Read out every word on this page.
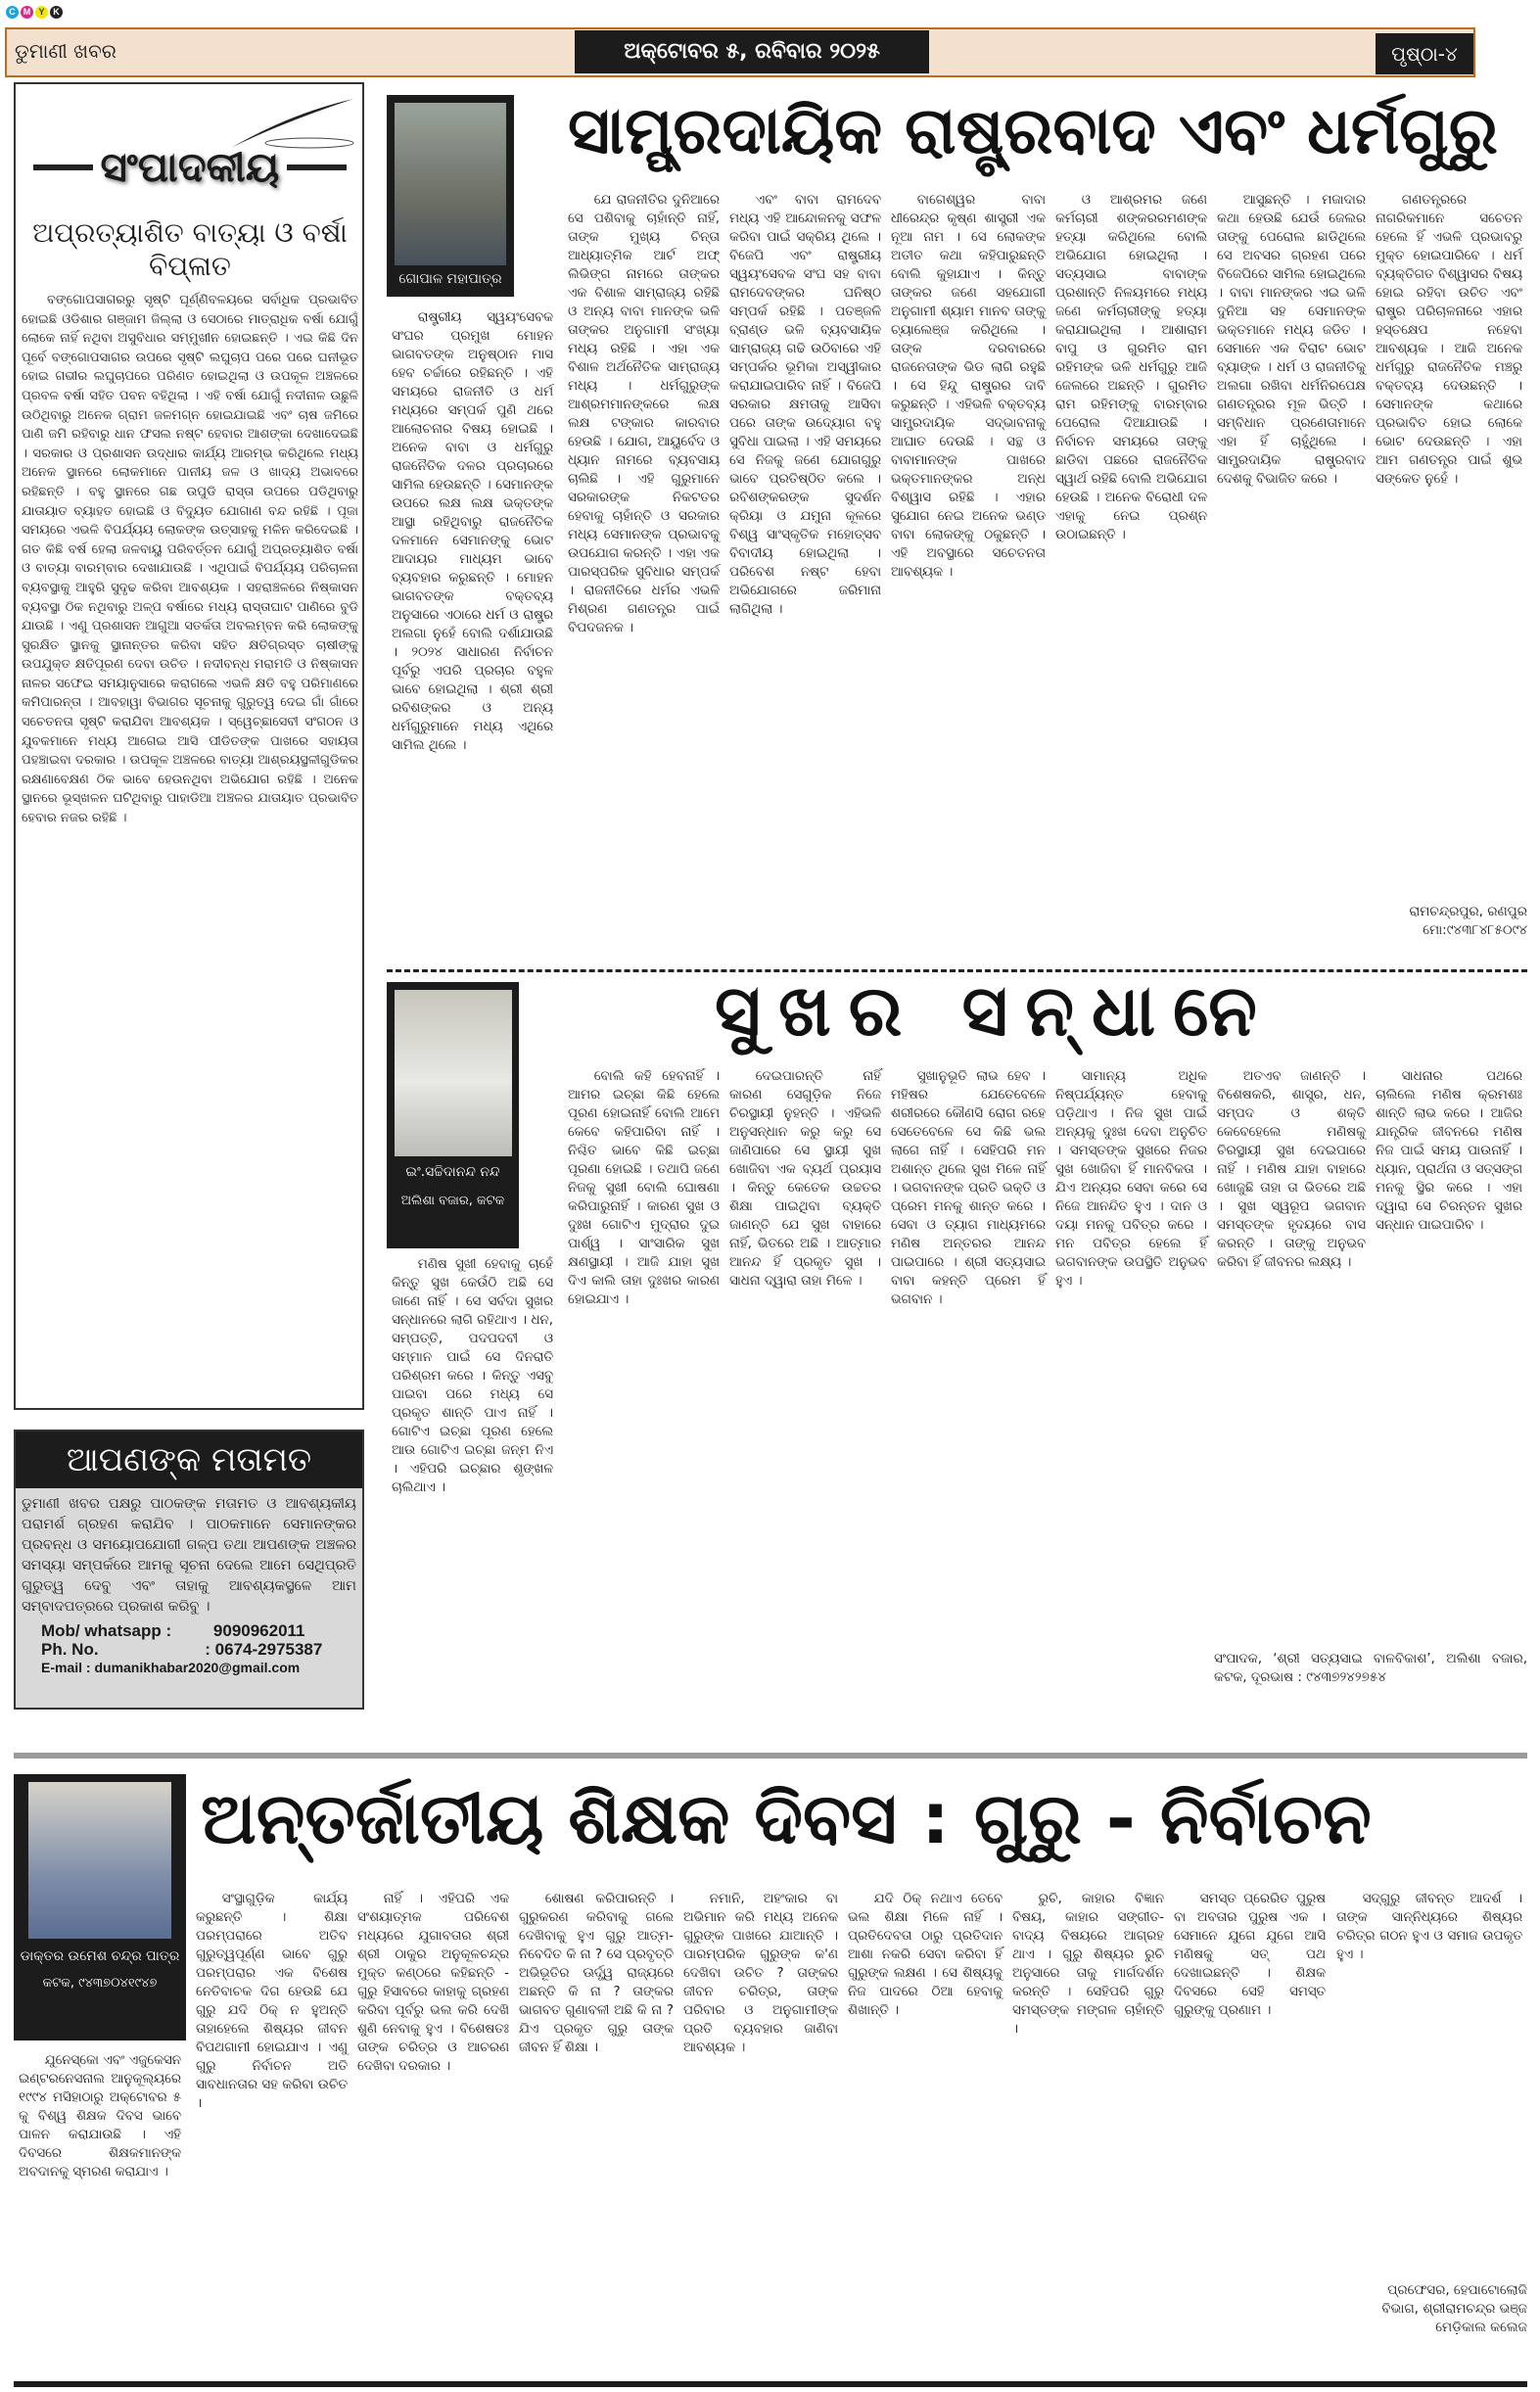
C M Y K
ଡୁମାଣୀ ଖବର	ଅକ୍ଟୋବର ୫, ରବିବାର ୨୦୨୫	ପୃଷ୍ଠା-୪
ସଂପାଦକୀୟ
ଅପ୍ରତ୍ୟାଶିତ ବାତ୍ୟା ଓ ବର୍ଷା ବିପ୍ଳାତ

ବଙ୍ଗୋପସାଗରରୁ ସୃଷ୍ଟି ଘୂର୍ଣ୍ଣିବଳୟରେ ସର୍ବାଧିକ ପ୍ରଭାବିତ ହୋଇଛି ଓଡିଶାର ଗଞ୍ଜାମ ଜିଲ୍ଲା ଓ ସେଠାରେ ମାତ୍ରାଧିକ ବର୍ଷା ଯୋଗୁଁ ଲୋକେ ନାହିଁ ନଥିବା ଅସୁବିଧାର ସମ୍ମୁଖୀନ ହୋଇଛନ୍ତି । ଏଇ କିଛି ଦିନ ପୂର୍ବେ ବଙ୍ଗୋପସାଗର ଉପରେ ସୃଷ୍ଟି ଲଘୁଚାପ ପରେ ପରେ ଘନୀଭୂତ ହୋଇ ଗଭୀର ଲଘୁଚାପରେ ପରିଣତ ହୋଇଥିଲା ଓ ଉପକୂଳ ଅଞ୍ଚଳରେ ପ୍ରବଳ ବର୍ଷା ସହିତ ପବନ ବହିଥିଲା । ଏହି ବର୍ଷା ଯୋଗୁଁ ନଦୀନାଳ ଉଛୁଳି ଉଠିଥିବାରୁ ଅନେକ ଗ୍ରାମ ଜଳମଗ୍ନ ହୋଇଯାଇଛି ଏବଂ ଚାଷ ଜମିରେ ପାଣି ଜମି ରହିବାରୁ ଧାନ ଫସଲ ନଷ୍ଟ ହେବାର ଆଶଙ୍କା ଦେଖାଦେଇଛି । ସରକାର ଓ ପ୍ରଶାସନ ଉଦ୍ଧାର କାର୍ଯ୍ୟ ଆରମ୍ଭ କରିଥିଲେ ମଧ୍ୟ ଅନେକ ସ୍ଥାନରେ ଲୋକମାନେ ପାନୀୟ ଜଳ ଓ ଖାଦ୍ୟ ଅଭାବରେ ରହିଛନ୍ତି । ବହୁ ସ୍ଥାନରେ ଗଛ ଉପୁଡି ରାସ୍ତା ଉପରେ ପଡିଥିବାରୁ ଯାତାୟାତ ବ୍ୟାହତ ହୋଇଛି ଓ ବିଦ୍ୟୁତ ଯୋଗାଣ ବନ୍ଦ ରହିଛି । ପୂଜା ସମୟରେ ଏଭଳି ବିପର୍ଯ୍ୟୟ ଲୋକଙ୍କ ଉତ୍ସାହକୁ ମଳିନ କରିଦେଇଛି । ଗତ କିଛି ବର୍ଷ ହେଲା ଜଳବାୟୁ ପରିବର୍ତ୍ତନ ଯୋଗୁଁ ଅପ୍ରତ୍ୟାଶିତ ବର୍ଷା ଓ ବାତ୍ୟା ବାରମ୍ବାର ଦେଖାଯାଉଛି । ଏଥିପାଇଁ ବିପର୍ଯ୍ୟୟ ପରିଚାଳନା ବ୍ୟବସ୍ଥାକୁ ଆହୁରି ସୁଦୃଢ କରିବା ଆବଶ୍ୟକ । ସହରାଞ୍ଚଳରେ ନିଷ୍କାସନ ବ୍ୟବସ୍ଥା ଠିକ ନଥିବାରୁ ଅଳ୍ପ ବର୍ଷାରେ ମଧ୍ୟ ରାସ୍ତାଘାଟ ପାଣିରେ ବୁଡି ଯାଉଛି । ଏଣୁ ପ୍ରଶାସନ ଆଗୁଆ ସତର୍କତା ଅବଲମ୍ବନ କରି ଲୋକଙ୍କୁ ସୁରକ୍ଷିତ ସ୍ଥାନକୁ ସ୍ଥାନାନ୍ତର କରିବା ସହିତ କ୍ଷତିଗ୍ରସ୍ତ ଚାଷୀଙ୍କୁ ଉପଯୁକ୍ତ କ୍ଷତିପୂରଣ ଦେବା ଉଚିତ । ନଦୀବନ୍ଧ ମରାମତି ଓ ନିଷ୍କାସନ ନାଳର ସଫେଇ ସମୟାନୁସାରେ କରାଗଲେ ଏଭଳି କ୍ଷତି ବହୁ ପରିମାଣରେ କମିପାରନ୍ତା । ଆବହାୱା ବିଭାଗର ସୂଚନାକୁ ଗୁରୁତ୍ୱ ଦେଇ ଗାଁ ଗାଁରେ ସଚେତନତା ସୃଷ୍ଟି କରାଯିବା ଆବଶ୍ୟକ । ସ୍ୱେଚ୍ଛାସେବୀ ସଂଗଠନ ଓ ଯୁବକମାନେ ମଧ୍ୟ ଆଗେଇ ଆସି ପୀଡିତଙ୍କ ପାଖରେ ସହାୟତା ପହଞ୍ଚାଇବା ଦରକାର । ଉପକୂଳ ଅଞ୍ଚଳରେ ବାତ୍ୟା ଆଶ୍ରୟସ୍ଥଳୀଗୁଡିକର ରକ୍ଷଣାବେକ୍ଷଣ ଠିକ ଭାବେ ହେଉନଥିବା ଅଭିଯୋଗ ରହିଛି । ଅନେକ ସ୍ଥାନରେ ଭୂସ୍ଖଳନ ଘଟିଥିବାରୁ ପାହାଡିଆ ଅଞ୍ଚଳର ଯାତାୟାତ ପ୍ରଭାବିତ ହେବାର ନଜର ରହିଛି ।

ଆପଣଙ୍କ ମତାମତ
ଡୁମାଣୀ ଖବର ପକ୍ଷରୁ ପାଠକଙ୍କ ମତାମତ ଓ ଆବଶ୍ୟକୀୟ ପରାମର୍ଶ ଗ୍ରହଣ କରାଯିବ । ପାଠକମାନେ ସେମାନଙ୍କର ପ୍ରବନ୍ଧ ଓ ସମୟୋପଯୋଗୀ ଗଳ୍ପ ତଥା ଆପଣଙ୍କ ଅଞ୍ଚଳର ସମସ୍ୟା ସମ୍ପର୍କରେ ଆମକୁ ସୂଚନା ଦେଲେ ଆମେ ସେଥିପ୍ରତି ଗୁରୁତ୍ୱ ଦେବୁ ଏବଂ ତାହାକୁ ଆବଶ୍ୟକସ୍ଥଳେ ଆମ ସମ୍ବାଦପତ୍ରରେ ପ୍ରକାଶ କରିବୁ ।
Mob/ whatsapp :	9090962011
Ph. No.	: 0674-2975387
E-mail : dumanikhabar2020@gmail.com
ଗୋପାଳ ମହାପାତ୍ର
ସାମ୍ପ୍ରଦାୟିକ ରାଷ୍ଟ୍ରବାଦ ଏବଂ ଧର୍ମଗୁରୁ

ରାଷ୍ଟ୍ରୀୟ ସ୍ୱୟଂସେବକ ସଂଘର ପ୍ରମୁଖ ମୋହନ ଭାଗବତଙ୍କ ଅନୁଷ୍ଠାନ ମାସ ହେବ ଚର୍ଚ୍ଚାରେ ରହିଛନ୍ତି । ଏହି ସମୟରେ ରାଜନୀତି ଓ ଧର୍ମ ମଧ୍ୟରେ ସମ୍ପର୍କ ପୁଣି ଥରେ ଆଲୋଚନାର ବିଷୟ ହୋଇଛି । ଅନେକ ବାବା ଓ ଧର୍ମଗୁରୁ ରାଜନୈତିକ ଦଳର ପ୍ରଚାରରେ ସାମିଲ ହେଉଛନ୍ତି । ସେମାନଙ୍କ ଉପରେ ଲକ୍ଷ ଲକ୍ଷ ଭକ୍ତଙ୍କ ଆସ୍ଥା ରହିଥିବାରୁ ରାଜନୈତିକ ଦଳମାନେ ସେମାନଙ୍କୁ ଭୋଟ ଆଦାୟର ମାଧ୍ୟମ ଭାବେ ବ୍ୟବହାର କରୁଛନ୍ତି । ମୋହନ ଭାଗବତଙ୍କ ବକ୍ତବ୍ୟ ଅନୁସାରେ ଏଠାରେ ଧର୍ମ ଓ ରାଷ୍ଟ୍ର ଅଲଗା ନୁହେଁ ବୋଲି ଦର୍ଶାଯାଉଛି । ୨୦୨୪ ସାଧାରଣ ନିର୍ବାଚନ ପୂର୍ବରୁ ଏପରି ପ୍ରଚାର ବହୁଳ ଭାବେ ହୋଇଥିଲା । ଶ୍ରୀ ଶ୍ରୀ ରବିଶଙ୍କର ଓ ଅନ୍ୟ ଧର୍ମଗୁରୁମାନେ ମଧ୍ୟ ଏଥିରେ ସାମିଲ ଥିଲେ ।

ଯେ ରାଜନୀତିର ଦୁନିଆରେ ସେ ପଶିବାକୁ ଚାହାଁନ୍ତି ନାହିଁ, ତାଙ୍କ ମୁଖ୍ୟ ଚିନ୍ତା ଆଧ୍ୟାତ୍ମିକ ଆର୍ଟ ଅଫ୍ ଲିଭିଙ୍ଗ ନାମରେ ତାଙ୍କର ଏକ ବିଶାଳ ସାମ୍ରାଜ୍ୟ ରହିଛି ଓ ଅନ୍ୟ ବାବା ମାନଙ୍କ ଭଳି ତାଙ୍କର ଅନୁଗାମୀ ସଂଖ୍ୟା ମଧ୍ୟ ରହିଛି । ଏହା ଏକ ବିଶାଳ ଅର୍ଥନୈତିକ ସାମ୍ରାଜ୍ୟ ମଧ୍ୟ । ଧର୍ମଗୁରୁଙ୍କ ଆଶ୍ରମମାନଙ୍କରେ ଲକ୍ଷ ଲକ୍ଷ ଟଙ୍କାର କାରବାର ହେଉଛି । ଯୋଗ, ଆୟୁର୍ବେଦ ଓ ଧ୍ୟାନ ନାମରେ ବ୍ୟବସାୟ ଚାଲିଛି । ଏହି ଗୁରୁମାନେ ସରକାରଙ୍କ ନିକଟତର ହେବାକୁ ଚାହାଁନ୍ତି ଓ ସରକାର ମଧ୍ୟ ସେମାନଙ୍କ ପ୍ରଭାବକୁ ଉପଯୋଗ କରନ୍ତି । ଏହା ଏକ ପାରସ୍ପରିକ ସୁବିଧାର ସମ୍ପର୍କ । ରାଜନୀତିରେ ଧର୍ମର ଏଭଳି ମିଶ୍ରଣ ଗଣତନ୍ତ୍ର ପାଇଁ ବିପଦଜନକ ।

ଏବଂ ବାବା ରାମଦେବ ମଧ୍ୟ ଏହି ଆନ୍ଦୋଳନକୁ ସଫଳ କରିବା ପାଇଁ ସକ୍ରିୟ ଥିଲେ । ବିଜେପି ଏବଂ ରାଷ୍ଟ୍ରୀୟ ସ୍ୱୟଂସେବକ ସଂଘ ସହ ବାବା ରାମଦେବଙ୍କର ଘନିଷ୍ଠ ସମ୍ପର୍କ ରହିଛି । ପତଞ୍ଜଳି ବ୍ରାଣ୍ଡ ଭଳି ବ୍ୟବସାୟିକ ସାମ୍ରାଜ୍ୟ ଗଢି ଉଠିବାରେ ଏହି ସମ୍ପର୍କର ଭୂମିକା ଅସ୍ୱୀକାର କରାଯାଇପାରିବ ନାହିଁ । ବିଜେପି ସରକାର କ୍ଷମତାକୁ ଆସିବା ପରେ ତାଙ୍କ ଉଦ୍ୟୋଗ ବହୁ ସୁବିଧା ପାଇଲା । ଏହି ସମୟରେ ସେ ନିଜକୁ ଜଣେ ଯୋଗଗୁରୁ ଭାବେ ପ୍ରତିଷ୍ଠିତ କଲେ । ରବିଶଙ୍କରଙ୍କ ସୁଦର୍ଶନ କ୍ରିୟା ଓ ଯମୁନା କୂଳରେ ବିଶ୍ୱ ସାଂସ୍କୃତିକ ମହୋତ୍ସବ ବିବାଦୀୟ ହୋଇଥିଲା । ପରିବେଶ ନଷ୍ଟ ହେବା ଅଭିଯୋଗରେ ଜରିମାନା ଲାଗିଥିଲା ।

ବାଗେଶ୍ୱର ବାବା ଧୀରେନ୍ଦ୍ର କୃଷ୍ଣ ଶାସ୍ତ୍ରୀ ଏକ ନୂଆ ନାମ । ସେ ଲୋକଙ୍କ ଅତୀତ କଥା କହିପାରୁଛନ୍ତି ବୋଲି କୁହାଯାଏ । କିନ୍ତୁ ତାଙ୍କର ଜଣେ ସହଯୋଗୀ ଅନୁଗାମୀ ଶ୍ୟାମ ମାନବ ତାଙ୍କୁ ଚ୍ୟାଲେଞ୍ଜ କରିଥିଲେ । ତାଙ୍କ ଦରବାରରେ ରାଜନେତାଙ୍କ ଭିଡ ଲାଗି ରହୁଛି । ସେ ହିନ୍ଦୁ ରାଷ୍ଟ୍ରର ଦାବି କରୁଛନ୍ତି । ଏହିଭଳି ବକ୍ତବ୍ୟ ସାମ୍ପ୍ରଦାୟିକ ସଦ୍ଭାବନାକୁ ଆଘାତ ଦେଉଛି । ସନ୍ଥ ଓ ବାବାମାନଙ୍କ ପାଖରେ ଭକ୍ତମାନଙ୍କର ଅନ୍ଧ ବିଶ୍ୱାସ ରହିଛି । ଏହାର ସୁଯୋଗ ନେଇ ଅନେକ ଭଣ୍ଡ ବାବା ଲୋକଙ୍କୁ ଠକୁଛନ୍ତି । ଏହି ଅବସ୍ଥାରେ ସଚେତନତା ଆବଶ୍ୟକ ।

ଓ ଆଶ୍ରମର ଜଣେ କର୍ମଚାରୀ ଶଙ୍କରରମଣଙ୍କ ହତ୍ୟା କରିଥିଲେ ବୋଲି ଅଭିଯୋଗ ହୋଇଥିଲା । ସତ୍ୟସାଇ ବାବାଙ୍କ ପ୍ରଶାନ୍ତି ନିଳୟମରେ ମଧ୍ୟ ଜଣେ କର୍ମଚାରୀଙ୍କୁ ହତ୍ୟା କରାଯାଇଥିଲା । ଆଶାରାମ ବାପୁ ଓ ଗୁରମିତ ରାମ ରହିମଙ୍କ ଭଳି ଧର୍ମଗୁରୁ ଆଜି ଜେଲରେ ଅଛନ୍ତି । ଗୁରମିତ ରାମ ରହିମଙ୍କୁ ବାରମ୍ବାର ପେରୋଲ ଦିଆଯାଉଛି । ନିର୍ବାଚନ ସମୟରେ ତାଙ୍କୁ ଛାଡିବା ପଛରେ ରାଜନୈତିକ ସ୍ୱାର୍ଥ ରହିଛି ବୋଲି ଅଭିଯୋଗ ହେଉଛି । ଅନେକ ବିରୋଧୀ ଦଳ ଏହାକୁ ନେଇ ପ୍ରଶ୍ନ ଉଠାଇଛନ୍ତି ।

ଆସୁଛନ୍ତି । ମଜାଦାର କଥା ହେଉଛି ଯେଉଁ ଜେଲର ତାଙ୍କୁ ପେରୋଲ ଛାଡିଥିଲେ ସେ ଅବସର ଗ୍ରହଣ ପରେ ବିଜେପିରେ ସାମିଲ ହୋଇଥିଲେ । ବାବା ମାନଙ୍କର ଏଇ ଭଳି ଦୁନିଆ ସହ ସେମାନଙ୍କ ଭକ୍ତମାନେ ମଧ୍ୟ ଜଡିତ । ସେମାନେ ଏକ ବିରାଟ ଭୋଟ ବ୍ୟାଙ୍କ । ଧର୍ମ ଓ ରାଜନୀତିକୁ ଅଲଗା ରଖିବା ଧର୍ମନିରପେକ୍ଷ ଗଣତନ୍ତ୍ରର ମୂଳ ଭିତ୍ତି । ସମ୍ବିଧାନ ପ୍ରଣେତାମାନେ ଏହା ହିଁ ଚାହୁଁଥିଲେ । ସାମ୍ପ୍ରଦାୟିକ ରାଷ୍ଟ୍ରବାଦ ଦେଶକୁ ବିଭାଜିତ କରେ ।

ଗଣତନ୍ତ୍ରରେ ନାଗରିକମାନେ ସଚେତନ ହେଲେ ହିଁ ଏଭଳି ପ୍ରଭାବରୁ ମୁକ୍ତ ହୋଇପାରିବେ । ଧର୍ମ ବ୍ୟକ୍ତିଗତ ବିଶ୍ୱାସର ବିଷୟ ହୋଇ ରହିବା ଉଚିତ ଏବଂ ରାଷ୍ଟ୍ର ପରିଚାଳନାରେ ଏହାର ହସ୍ତକ୍ଷେପ ନହେବା ଆବଶ୍ୟକ । ଆଜି ଅନେକ ଧର୍ମଗୁରୁ ରାଜନୈତିକ ମଞ୍ଚରୁ ବକ୍ତବ୍ୟ ଦେଉଛନ୍ତି । ସେମାନଙ୍କ କଥାରେ ପ୍ରଭାବିତ ହୋଇ ଲୋକେ ଭୋଟ ଦେଉଛନ୍ତି । ଏହା ଆମ ଗଣତନ୍ତ୍ର ପାଇଁ ଶୁଭ ସଙ୍କେତ ନୁହେଁ ।

ରାମଚନ୍ଦ୍ରପୁର, ରଣପୁର
ମୋ:୯୪୩୮୪୮୫୦୯୪
ଇଂ.ସଚ୍ଚିଦାନନ୍ଦ ନନ୍ଦ
ଅଲିଶା ବଜାର, କଟକ
ସୁଖର ସନ୍ଧାନେ

ମଣିଷ ସୁଖୀ ହେବାକୁ ଚାହେଁ କିନ୍ତୁ ସୁଖ କେଉଁଠି ଅଛି ସେ ଜାଣେ ନାହିଁ । ସେ ସର୍ବଦା ସୁଖର ସନ୍ଧାନରେ ଲାଗି ରହିଥାଏ । ଧନ, ସମ୍ପତ୍ତି, ପଦପଦବୀ ଓ ସମ୍ମାନ ପାଇଁ ସେ ଦିନରାତି ପରିଶ୍ରମ କରେ । କିନ୍ତୁ ଏସବୁ ପାଇବା ପରେ ମଧ୍ୟ ସେ ପ୍ରକୃତ ଶାନ୍ତି ପାଏ ନାହିଁ । ଗୋଟିଏ ଇଚ୍ଛା ପୂରଣ ହେଲେ ଆଉ ଗୋଟିଏ ଇଚ୍ଛା ଜନ୍ମ ନିଏ । ଏହିପରି ଇଚ୍ଛାର ଶୃଙ୍ଖଳ ଚାଲିଥାଏ ।

ବୋଲି କହି ହେବନାହିଁ । ଆମର ଇଚ୍ଛା କିଛି ହେଲେ ପୂରଣ ହୋଇନାହିଁ ବୋଲି ଆମେ କେବେ କହିପାରିବା ନାହିଁ । ନିଶ୍ଚିତ ଭାବେ କିଛି ଇଚ୍ଛା ପୂରଣା ହୋଇଛି । ତଥାପି ଜଣେ ନିଜକୁ ସୁଖୀ ବୋଲି ଘୋଷଣା କରିପାରୁନାହିଁ । କାରଣ ସୁଖ ଓ ଦୁଃଖ ଗୋଟିଏ ମୁଦ୍ରାର ଦୁଇ ପାର୍ଶ୍ୱ । ସାଂସାରିକ ସୁଖ କ୍ଷଣସ୍ଥାୟୀ । ଆଜି ଯାହା ସୁଖ ଦିଏ କାଲି ତାହା ଦୁଃଖର କାରଣ ହୋଇଯାଏ ।

ଦେଇପାରନ୍ତି ନାହିଁ କାରଣ ସେଗୁଡ଼ିକ ନିଜେ ଚିରସ୍ଥାୟୀ ନୁହନ୍ତି । ଏହିଭଳି ଅନୁସନ୍ଧାନ କରୁ କରୁ ସେ ଜାଣିପାରେ ସେ ସ୍ଥାୟୀ ସୁଖ ଖୋଜିବା ଏକ ବ୍ୟର୍ଥ ପ୍ରୟାସ । କିନ୍ତୁ କେତେକ ଉଚ୍ଚତର ଶିକ୍ଷା ପାଇଥିବା ବ୍ୟକ୍ତି ଜାଣନ୍ତି ଯେ ସୁଖ ବାହାରେ ନାହିଁ, ଭିତରେ ଅଛି । ଆତ୍ମାର ଆନନ୍ଦ ହିଁ ପ୍ରକୃତ ସୁଖ । ସାଧନା ଦ୍ୱାରା ତାହା ମିଳେ ।

ସୁଖାନୁଭୂତି ଲାଭ ହେବ । ମହିଷର ଯେତେବେଳେ ଶରୀରରେ କୌଣସି ରୋଗ ରହେ ସେତେବେଳେ ସେ କିଛି ଭଲ ଲାଗେ ନାହିଁ । ସେହିପରି ମନ ଅଶାନ୍ତ ଥିଲେ ସୁଖ ମିଳେ ନାହିଁ । ଭଗବାନଙ୍କ ପ୍ରତି ଭକ୍ତି ଓ ପ୍ରେମ ମନକୁ ଶାନ୍ତ କରେ । ସେବା ଓ ତ୍ୟାଗ ମାଧ୍ୟମରେ ମଣିଷ ଅନ୍ତରର ଆନନ୍ଦ ପାଇପାରେ । ଶ୍ରୀ ସତ୍ୟସାଇ ବାବା କହନ୍ତି ପ୍ରେମ ହିଁ ଭଗବାନ ।

ସାମାନ୍ୟ ଅଧିକ ନିଷ୍ପର୍ଯ୍ୟନ୍ତ ହେବାକୁ ପଡ଼ିଥାଏ । ନିଜ ସୁଖ ପାଇଁ ଅନ୍ୟକୁ ଦୁଃଖ ଦେବା ଅନୁଚିତ । ସମସ୍ତଙ୍କ ସୁଖରେ ନିଜର ସୁଖ ଖୋଜିବା ହିଁ ମାନବିକତା । ଯିଏ ଅନ୍ୟର ସେବା କରେ ସେ ନିଜେ ଆନନ୍ଦିତ ହୁଏ । ଦାନ ଓ ଦୟା ମନକୁ ପବିତ୍ର କରେ । ମନ ପବିତ୍ର ହେଲେ ହିଁ ଭଗବାନଙ୍କ ଉପସ୍ଥିତି ଅନୁଭବ ହୁଏ ।

ଅତଏବ ଜାଣନ୍ତି । ବିଶେଷକରି, ଶାସ୍ତ୍ର, ଧନ, ସମ୍ପଦ ଓ ଶକ୍ତି କେବେହେଲେ ମଣିଷକୁ ଚିରସ୍ଥାୟୀ ସୁଖ ଦେଇପାରେ ନାହିଁ । ମଣିଷ ଯାହା ବାହାରେ ଖୋଜୁଛି ତାହା ତା ଭିତରେ ଅଛି । ସୁଖ ସ୍ୱରୂପ ଭଗବାନ ସମସ୍ତଙ୍କ ହୃଦୟରେ ବାସ କରନ୍ତି । ତାଙ୍କୁ ଅନୁଭବ କରିବା ହିଁ ଜୀବନର ଲକ୍ଷ୍ୟ ।

ସାଧନାର ପଥରେ ଚାଲିଲେ ମଣିଷ କ୍ରମଶଃ ଶାନ୍ତି ଲାଭ କରେ । ଆଜିର ଯାନ୍ତ୍ରିକ ଜୀବନରେ ମଣିଷ ନିଜ ପାଇଁ ସମୟ ପାଉନାହିଁ । ଧ୍ୟାନ, ପ୍ରାର୍ଥନା ଓ ସତ୍ସଙ୍ଗ ମନକୁ ସ୍ଥିର କରେ । ଏହା ଦ୍ୱାରା ସେ ଚିରନ୍ତନ ସୁଖର ସନ୍ଧାନ ପାଇପାରିବ ।

ସଂପାଦକ, ‘ଶ୍ରୀ ସତ୍ୟସାଇ ବାଳବିକାଶ’, ଅଲିଶା ବଜାର, କଟକ, ଦୂରଭାଷ : ୯୪୩୭୨୪୨୭୫୪
ଡାକ୍ତର ଉମେଶ ଚନ୍ଦ୍ର ପାତ୍ର
କଟକ, ୯୪୩୭୦୪୧୯୪୭
ଅନ୍ତର୍ଜାତୀୟ ଶିକ୍ଷକ ଦିବସ : ଗୁରୁ - ନିର୍ବାଚନ

ଯୁନେସ୍କୋ ଏବଂ ଏଜୁକେସନ ଇଣ୍ଟରନେସନାଲ ଆନୁକୂଲ୍ୟରେ ୧୯୯୪ ମସିହାଠାରୁ ଅକ୍ଟୋବର ୫ କୁ ବିଶ୍ୱ ଶିକ୍ଷକ ଦିବସ ଭାବେ ପାଳନ କରାଯାଉଛି । ଏହି ଦିବସରେ ଶିକ୍ଷକମାନଙ୍କ ଅବଦାନକୁ ସ୍ମରଣ କରାଯାଏ ।

ସଂସ୍ଥାଗୁଡ଼ିକ କାର୍ଯ୍ୟ କରୁଛନ୍ତି । ଶିକ୍ଷା ପରମ୍ପରାରେ ଅତିବ ଗୁରୁତ୍ୱପୂର୍ଣ୍ଣ ଭାବେ ଗୁରୁ ପରମ୍ପରାର ଏକ ବିଶେଷ ନେତିବାଚକ ଦିଗ ହେଉଛି ଯେ ଗୁରୁ ଯଦି ଠିକ୍ ନ ହୁଅନ୍ତି ତାହାହେଲେ ଶିଷ୍ୟର ଜୀବନ ବିପଥଗାମୀ ହୋଇଯାଏ । ଏଣୁ ଗୁରୁ ନିର୍ବାଚନ ଅତି ସାବଧାନତାର ସହ କରିବା ଉଚିତ ।

ନାହିଁ । ଏହିପରି ଏକ ସଂଶୟାତ୍ମକ ପରିବେଶ ମଧ୍ୟରେ ଯୁଗାବତାର ଶ୍ରୀ ଶ୍ରୀ ଠାକୁର ଅନୁକୂଳଚନ୍ଦ୍ର ମୁକ୍ତ କଣ୍ଠରେ କହିଛନ୍ତି - ଗୁରୁ ହିସାବରେ କାହାକୁ ଗ୍ରହଣ କରିବା ପୂର୍ବରୁ ଭଲ କରି ଦେଖି ଶୁଣି ନେବାକୁ ହୁଏ । ବିଶେଷତଃ ତାଙ୍କ ଚରିତ୍ର ଓ ଆଚରଣ ଦେଖିବା ଦରକାର ।

ଶୋଷଣ କରିପାରନ୍ତି । ଗୁରୁକରଣ କରିବାକୁ ଗଲେ ଦେଖିବାକୁ ହୁଏ ଗୁରୁ ଆତ୍ମ-ନିବେଦିତ କି ନା ? ସେ ପ୍ରବୃତ୍ତି ଅଭିଭୂତିର ଊର୍ଦ୍ଧ୍ୱ ରାଜ୍ୟରେ ଅଛନ୍ତି କି ନା ? ତାଙ୍କର ଭାଗବତ ଗୁଣାବଳୀ ଅଛି କି ନା ? ଯିଏ ପ୍ରକୃତ ଗୁରୁ ତାଙ୍କ ଜୀବନ ହିଁ ଶିକ୍ଷା ।

ନମାନି, ଅହଂକାର ବା ଅଭିମାନ କରି ମଧ୍ୟ ଅନେକ ଗୁରୁଙ୍କ ପାଖରେ ଯାଆନ୍ତି । ପାରମ୍ପରିକ ଗୁରୁଙ୍କ କ'ଣ ଦେଖିବା ଉଚିତ ? ତାଙ୍କର ଜୀବନ ଚରିତ୍ର, ତାଙ୍କ ପରିବାର ଓ ଅନୁଗାମୀଙ୍କ ପ୍ରତି ବ୍ୟବହାର ଜାଣିବା ଆବଶ୍ୟକ ।

ଯଦି ଠିକ୍ ନଥାଏ ତେବେ ଭଲ ଶିକ୍ଷା ମିଳେ ନାହିଁ । ପ୍ରତିଦେବତା ଠାରୁ ପ୍ରତିଦାନ ଆଶା ନକରି ସେବା କରିବା ହିଁ ଗୁରୁଙ୍କ ଲକ୍ଷଣ । ସେ ଶିଷ୍ୟକୁ ନିଜ ପାଦରେ ଠିଆ ହେବାକୁ ଶିଖାନ୍ତି ।

ରୁଚି, କାହାର ବିଜ୍ଞାନ ବିଷୟ, କାହାର ସଙ୍ଗୀତ-ବାଦ୍ୟ ବିଷୟରେ ଆଗ୍ରହ ଥାଏ । ଗୁରୁ ଶିଷ୍ୟର ରୁଚି ଅନୁସାରେ ତାକୁ ମାର୍ଗଦର୍ଶନ କରନ୍ତି । ସେହିପରି ଗୁରୁ ସମସ୍ତଙ୍କ ମଙ୍ଗଳ ଚାହାଁନ୍ତି ।

ସମସ୍ତ ପ୍ରେରିତ ପୁରୁଷ ବା ଅବତାର ପୁରୁଷ ଏକ । ସେମାନେ ଯୁଗେ ଯୁଗେ ଆସି ମଣିଷକୁ ସତ୍ ପଥ ଦେଖାଇଛନ୍ତି । ଶିକ୍ଷକ ଦିବସରେ ସେହି ସମସ୍ତ ଗୁରୁଙ୍କୁ ପ୍ରଣାମ ।

ସଦ୍ଗୁରୁ ଜୀବନ୍ତ ଆଦର୍ଶ । ତାଙ୍କ ସାନ୍ନିଧ୍ୟରେ ଶିଷ୍ୟର ଚରିତ୍ର ଗଠନ ହୁଏ ଓ ସମାଜ ଉପକୃତ ହୁଏ ।

ପ୍ରଫେସର, ହେପାଟୋଲୋଜି
ବିଭାଗ, ଶ୍ରୀରାମଚନ୍ଦ୍ର ଭଞ୍ଜ
ମେଡ଼ିକାଲ କଲେଜ
